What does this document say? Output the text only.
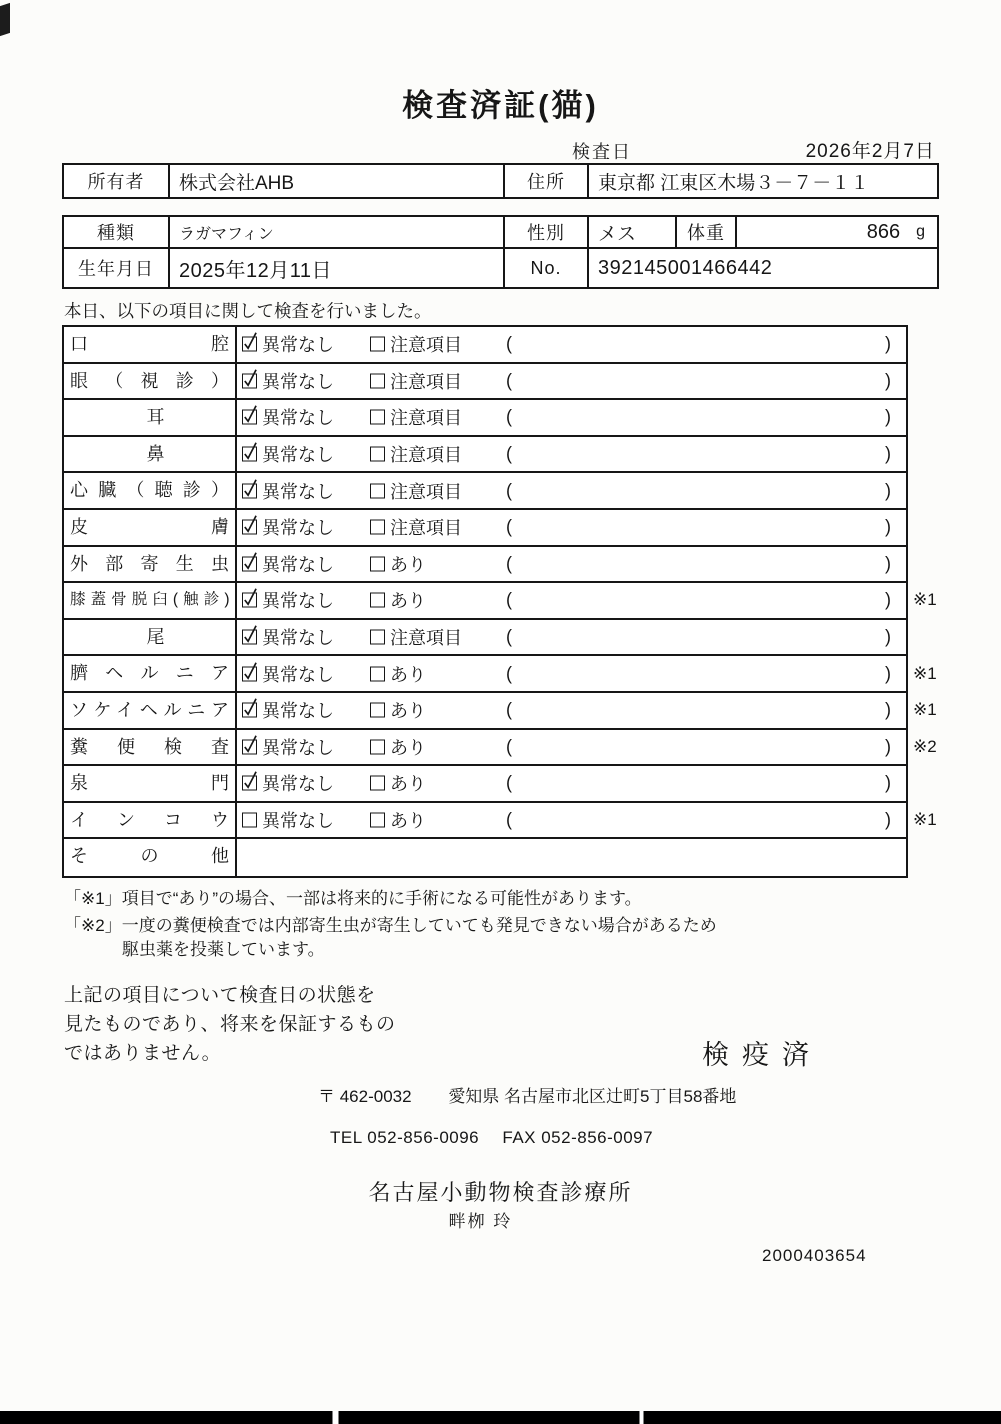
検査済証(猫)
検査日	2026年2月7日
所有者	株式会社AHB	住所	東京都 江東区木場３－７－１１
種類	ラガマフィン	性別	メス	体重	866 g
生年月日	2025年12月11日	No.	392145001466442
本日、以下の項目に関して検査を行いました。
口腔	異常なし	注意項目 (	)
眼（視診）	異常なし	注意項目 (	)
耳	異常なし	注意項目 (	)
鼻	異常なし	注意項目 (	)
心臓（聴診）	異常なし	注意項目 (	)
皮膚	異常なし	注意項目 (	)
外部寄生虫	異常なし	あり	(	)
膝蓋骨脱臼(触診)	異常なし	あり	(	) ※1
尾	異常なし	注意項目 (	)
臍ヘルニア	異常なし	あり	(	) ※1
ソケイヘルニア	異常なし	あり	(	) ※1
糞便検査	異常なし	あり	(	) ※2
泉門	異常なし	あり	(	)
インコウ	異常なし	あり	(	) ※1
その他
「※1」項目で“あり”の場合、一部は将来的に手術になる可能性があります。
「※2」一度の糞便検査では内部寄生虫が寄生していても発見できない場合があるため
駆虫薬を投薬しています。
上記の項目について検査日の状態を
見たものであり、将来を保証するもの
ではありません。	検疫済
〒 462-0032 愛知県 名古屋市北区辻町5丁目58番地
TEL 052-856-0096 FAX 052-856-0097
名古屋小動物検査診療所
畔栁 玲
2000403654
